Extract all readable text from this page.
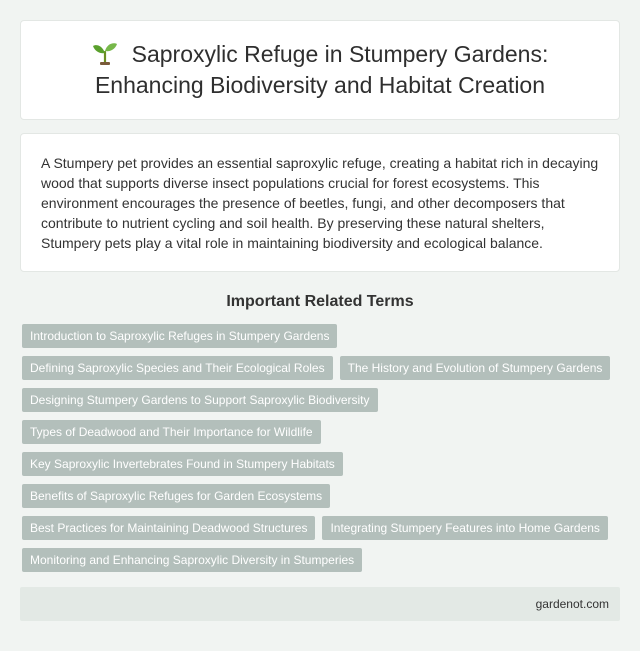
Saproxylic Refuge in Stumpery Gardens: Enhancing Biodiversity and Habitat Creation

A Stumpery pet provides an essential saproxylic refuge, creating a habitat rich in decaying wood that supports diverse insect populations crucial for forest ecosystems. This environment encourages the presence of beetles, fungi, and other decomposers that contribute to nutrient cycling and soil health. By preserving these natural shelters, Stumpery pets play a vital role in maintaining biodiversity and ecological balance.

Important Related Terms
Introduction to Saproxylic Refuges in Stumpery Gardens
Defining Saproxylic Species and Their Ecological Roles	The History and Evolution of Stumpery Gardens
Designing Stumpery Gardens to Support Saproxylic Biodiversity
Types of Deadwood and Their Importance for Wildlife
Key Saproxylic Invertebrates Found in Stumpery Habitats
Benefits of Saproxylic Refuges for Garden Ecosystems
Best Practices for Maintaining Deadwood Structures	Integrating Stumpery Features into Home Gardens
Monitoring and Enhancing Saproxylic Diversity in Stumperies
gardenot.com
